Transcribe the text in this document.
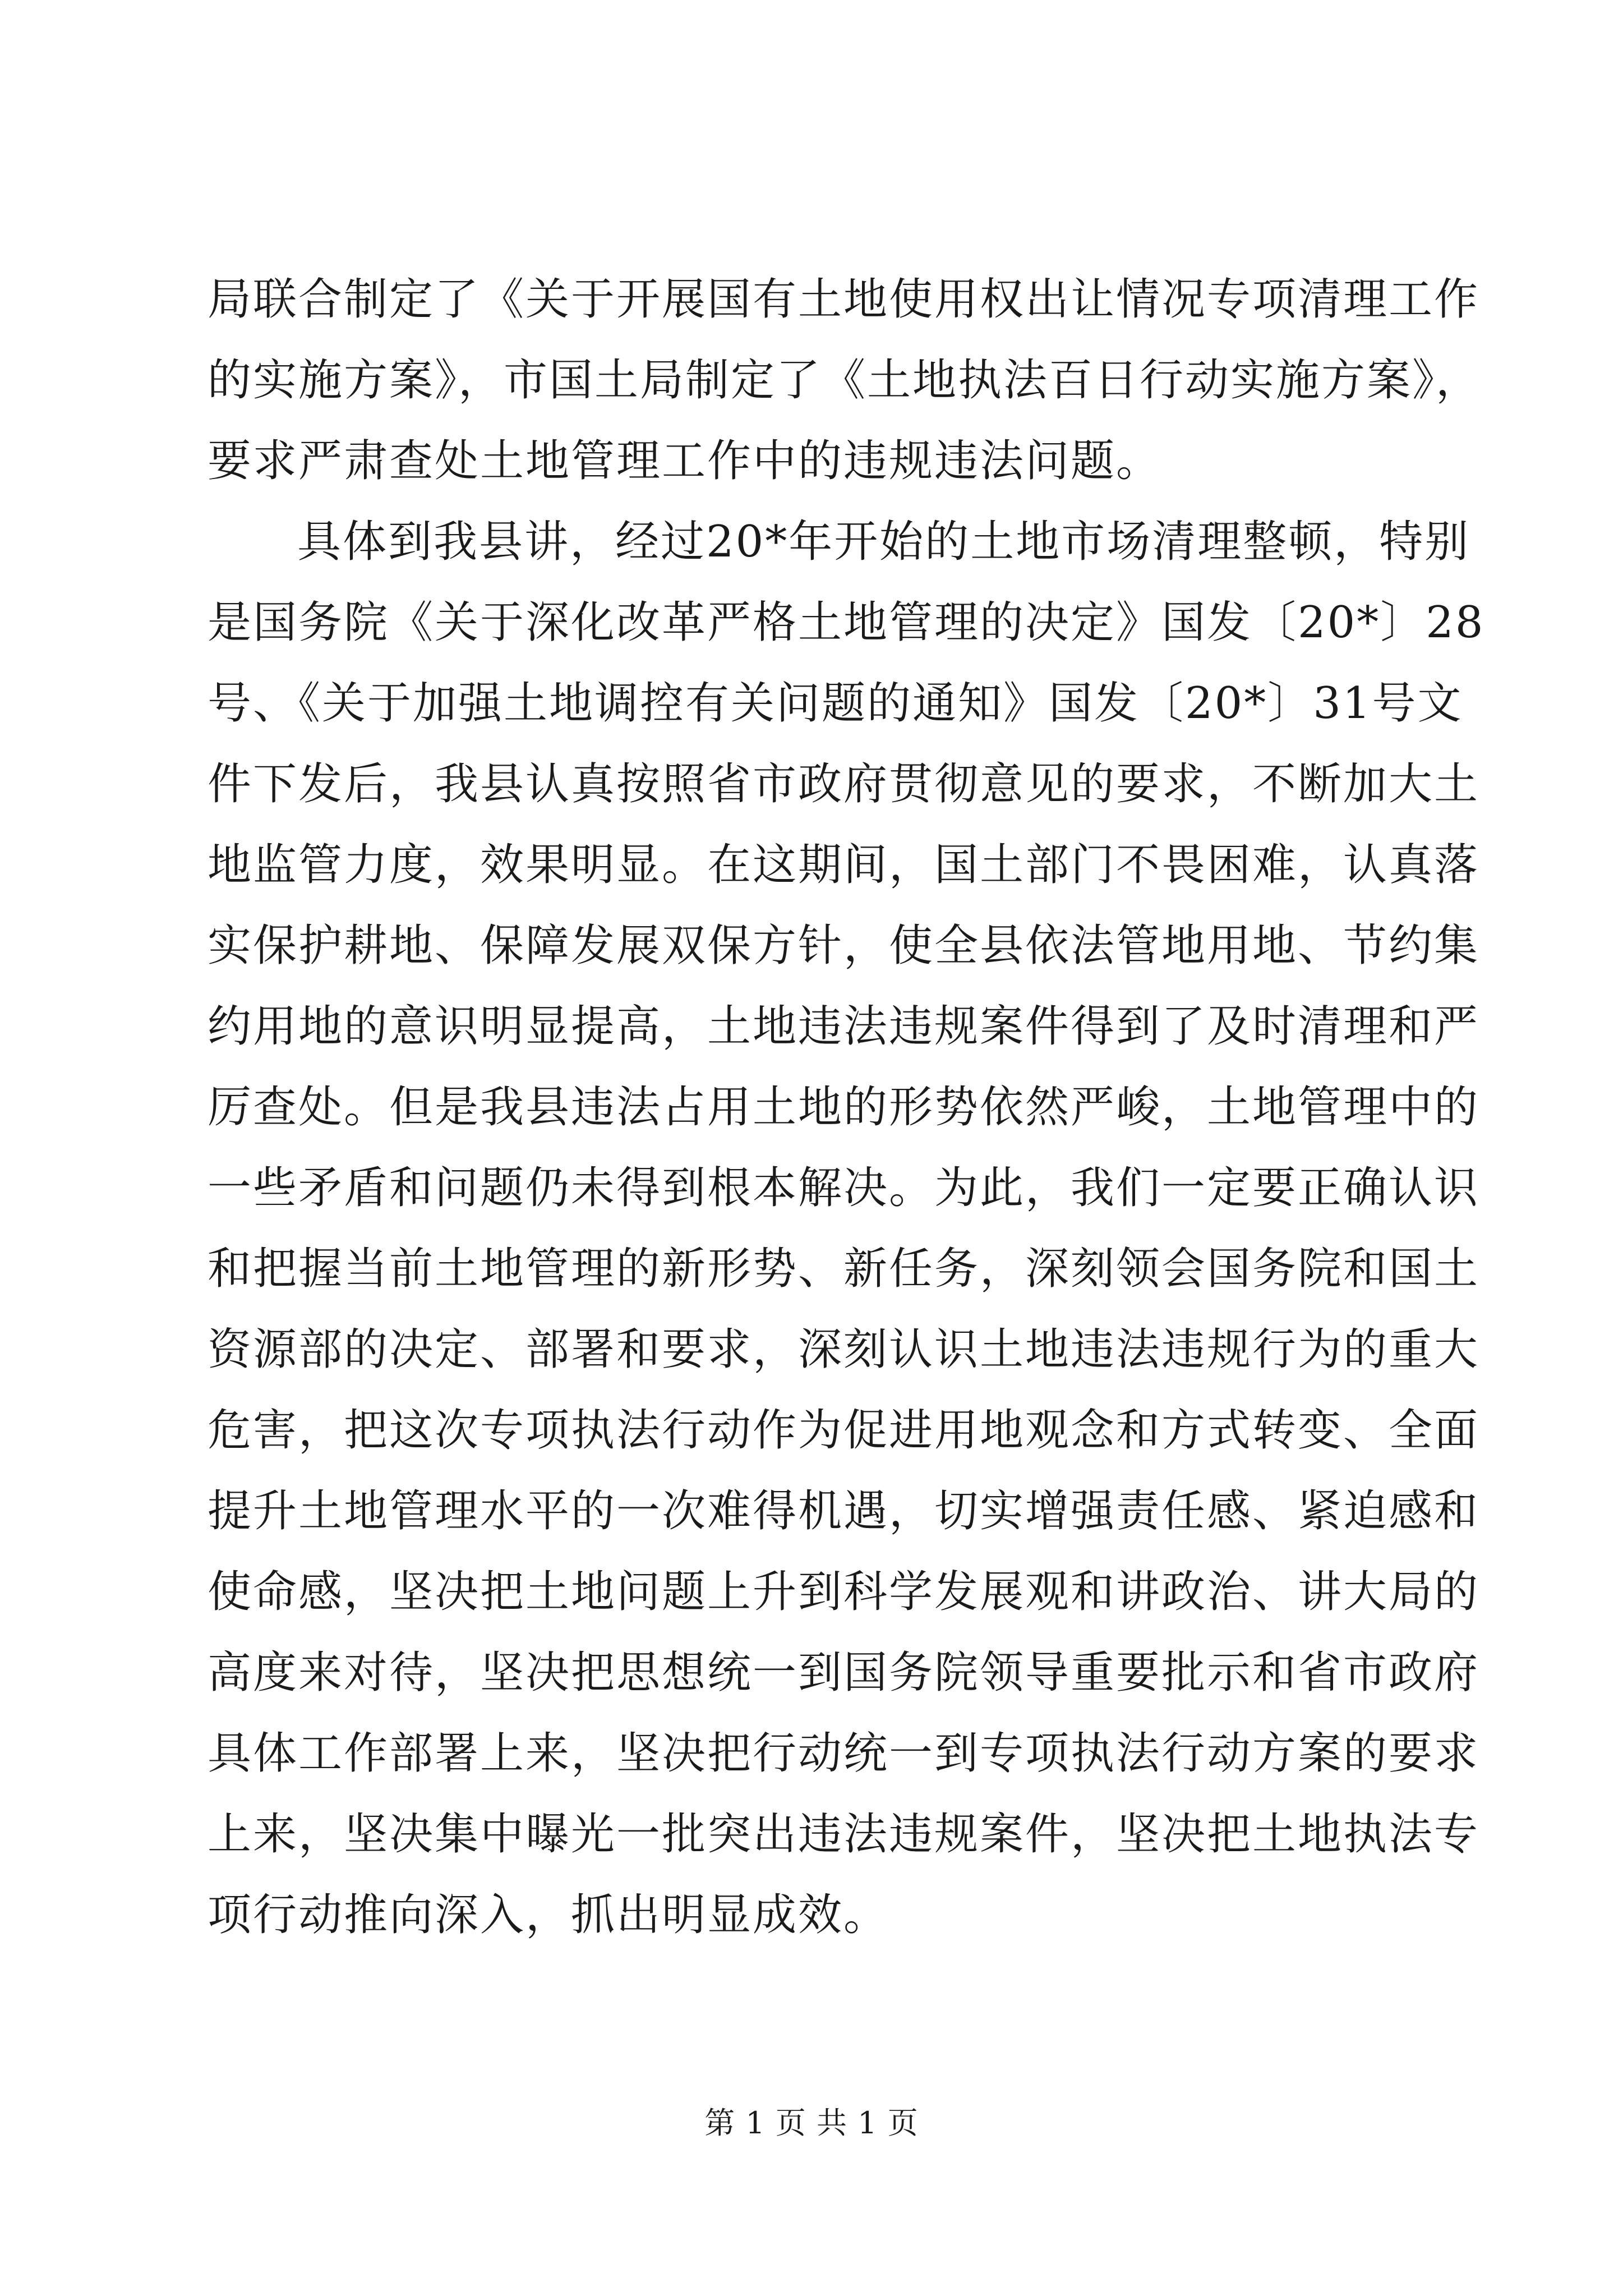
局联合制定了《关于开展国有土地使用权出让情况专项清理工作
的实施方案》，市国土局制定了《土地执法百日行动实施方案》，
要求严肃查处土地管理工作中的违规违法问题。
具体到我县讲，经过20*年开始的土地市场清理整顿，特别
是国务院《关于深化改革严格土地管理的决定》国发〔20*〕28
号、《关于加强土地调控有关问题的通知》国发〔20*〕31号文
件下发后，我县认真按照省市政府贯彻意见的要求，不断加大土
地监管力度，效果明显。在这期间，国土部门不畏困难，认真落
实保护耕地、保障发展双保方针，使全县依法管地用地、节约集
约用地的意识明显提高，土地违法违规案件得到了及时清理和严
厉查处。但是我县违法占用土地的形势依然严峻，土地管理中的
一些矛盾和问题仍未得到根本解决。为此，我们一定要正确认识
和把握当前土地管理的新形势、新任务，深刻领会国务院和国土
资源部的决定、部署和要求，深刻认识土地违法违规行为的重大
危害，把这次专项执法行动作为促进用地观念和方式转变、全面
提升土地管理水平的一次难得机遇，切实增强责任感、紧迫感和
使命感，坚决把土地问题上升到科学发展观和讲政治、讲大局的
高度来对待，坚决把思想统一到国务院领导重要批示和省市政府
具体工作部署上来，坚决把行动统一到专项执法行动方案的要求
上来，坚决集中曝光一批突出违法违规案件，坚决把土地执法专
项行动推向深入，抓出明显成效。
第 1 页 共 1 页
